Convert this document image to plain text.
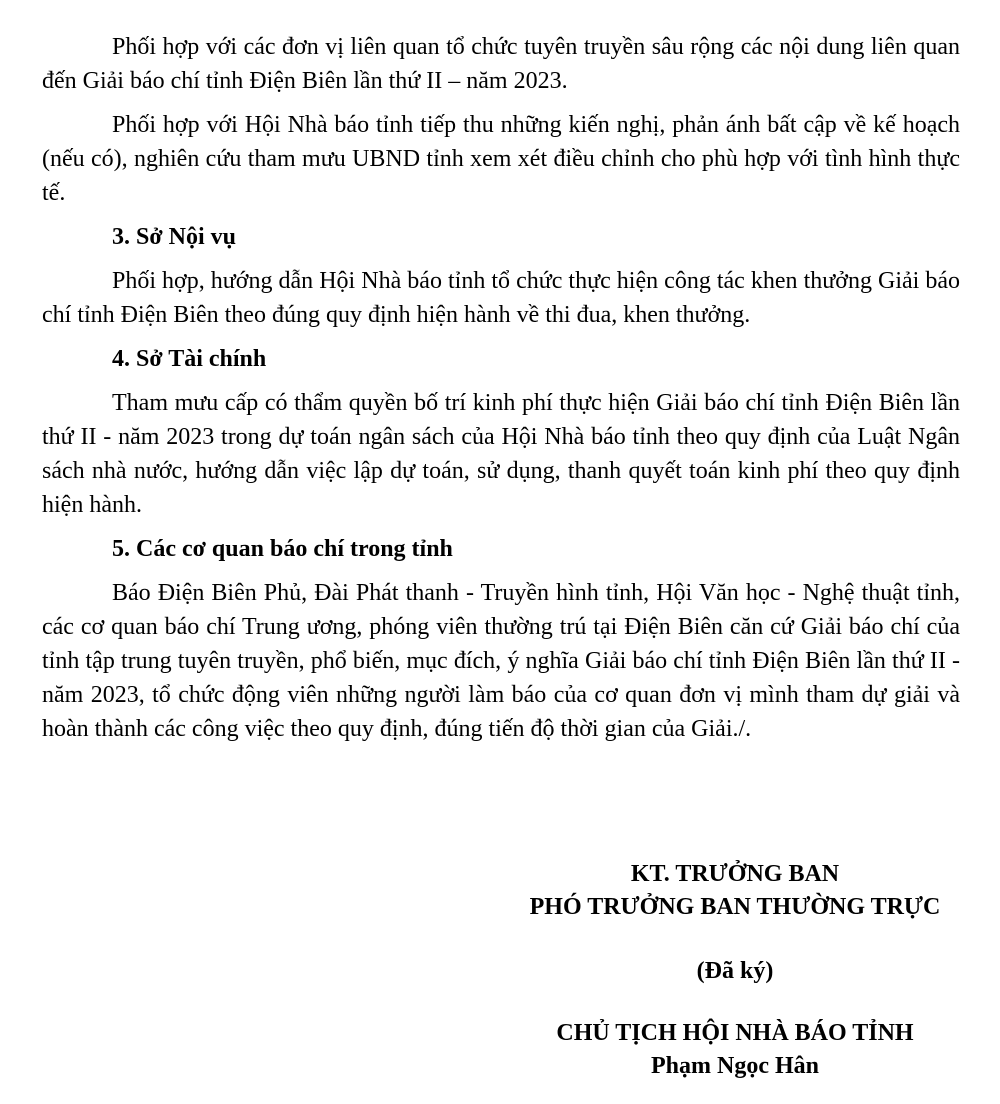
Phối hợp với các đơn vị liên quan tổ chức tuyên truyền sâu rộng các nội dung liên quan đến Giải báo chí tỉnh Điện Biên lần thứ II – năm 2023.

Phối hợp với Hội Nhà báo tỉnh tiếp thu những kiến nghị, phản ánh bất cập về kế hoạch (nếu có), nghiên cứu tham mưu UBND tỉnh xem xét điều chỉnh cho phù hợp với tình hình thực tế.

3. Sở Nội vụ

Phối hợp, hướng dẫn Hội Nhà báo tỉnh tổ chức thực hiện công tác khen thưởng Giải báo chí tỉnh Điện Biên theo đúng quy định hiện hành về thi đua, khen thưởng.

4. Sở Tài chính

Tham mưu cấp có thẩm quyền bố trí kinh phí thực hiện Giải báo chí tỉnh Điện Biên lần thứ II - năm 2023 trong dự toán ngân sách của Hội Nhà báo tỉnh theo quy định của Luật Ngân sách nhà nước, hướng dẫn việc lập dự toán, sử dụng, thanh quyết toán kinh phí theo quy định hiện hành.

5. Các cơ quan báo chí trong tỉnh

Báo Điện Biên Phủ, Đài Phát thanh - Truyền hình tỉnh, Hội Văn học - Nghệ thuật tỉnh, các cơ quan báo chí Trung ương, phóng viên thường trú tại Điện Biên căn cứ Giải báo chí của tỉnh tập trung tuyên truyền, phổ biến, mục đích, ý nghĩa Giải báo chí tỉnh Điện Biên lần thứ II - năm 2023, tổ chức động viên những người làm báo của cơ quan đơn vị mình tham dự giải và hoàn thành các công việc theo quy định, đúng tiến độ thời gian của Giải./.

KT. TRƯỞNG BAN
PHÓ TRƯỞNG BAN THƯỜNG TRỰC
(Đã ký)
CHỦ TỊCH HỘI NHÀ BÁO TỈNH
Phạm Ngọc Hân
